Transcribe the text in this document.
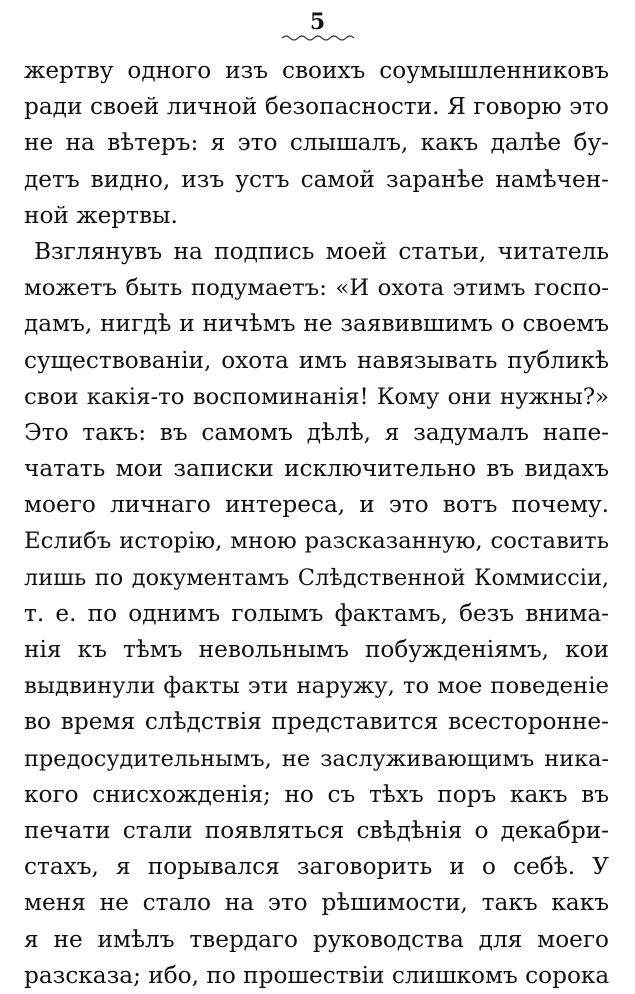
5
жертву одного изъ своихъ соумышленниковъ
ради своей личной безопасности. Я говорю это
не на вѣтеръ: я это слышалъ, какъ далѣе бу-
детъ видно, изъ устъ самой заранѣе намѣчен-
ной жертвы.
Взглянувъ на подпись моей статьи, читатель
можетъ быть подумаетъ: «И охота этимъ госпо-
дамъ, нигдѣ и ничѣмъ не заявившимъ о своемъ
существованіи, охота имъ навязывать публикѣ
свои какія-то воспоминанія! Кому они нужны?»
Это такъ: въ самомъ дѣлѣ, я задумалъ напе-
чатать мои записки исключительно въ видахъ
моего личнаго интереса, и это вотъ почему.
Еслибъ исторію, мною разсказанную, составить
лишь по документамъ Слѣдственной Коммиссіи,
т. е. по однимъ голымъ фактамъ, безъ внима-
нія къ тѣмъ невольнымъ побужденіямъ, кои
выдвинули факты эти наружу, то мое поведеніе
во время слѣдствія представится всесторонне-
предосудительнымъ, не заслуживающимъ ника-
кого снисхожденія; но съ тѣхъ поръ какъ въ
печати стали появляться свѣдѣнія о декабри-
стахъ, я порывался заговорить и о себѣ. У
меня не стало на это рѣшимости, такъ какъ
я не имѣлъ твердаго руководства для моего
разсказа; ибо, по прошествіи слишкомъ сорока
